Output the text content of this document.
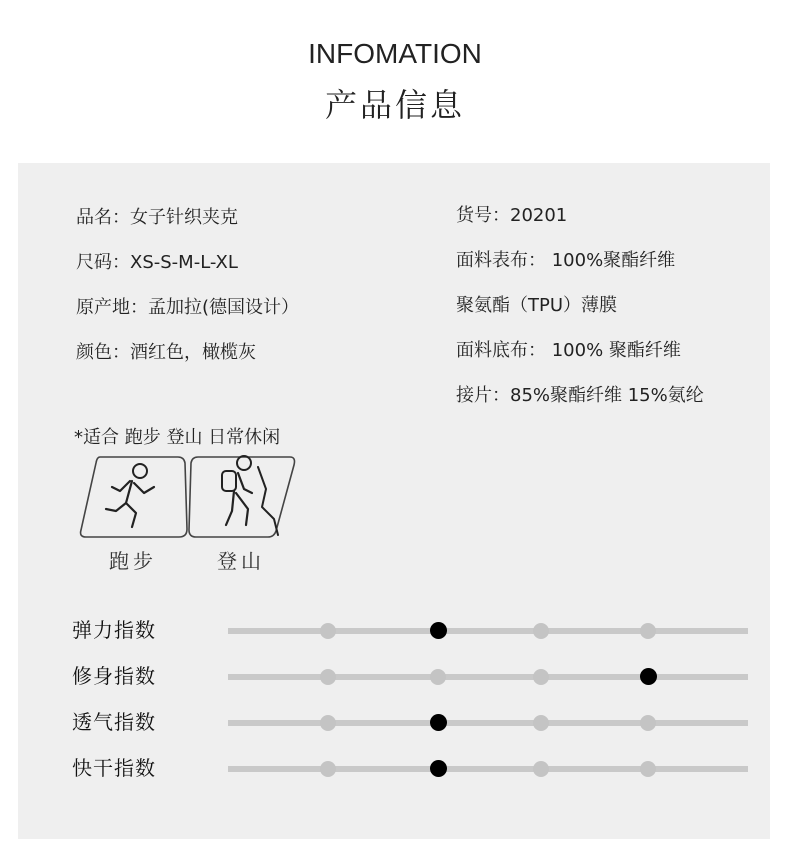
INFOMATION
产品信息
品名：女子针织夹克
尺码：XS-S-M-L-XL
原产地：孟加拉(德国设计）
颜色：酒红色，橄榄灰
货号：20201
面料表布： 100%聚酯纤维
聚氨酯（TPU）薄膜
面料底布： 100% 聚酯纤维
接片：85%聚酯纤维 15%氨纶
*适合 跑步 登山 日常休闲
跑步	登山
弹力指数
修身指数
透气指数
快干指数
